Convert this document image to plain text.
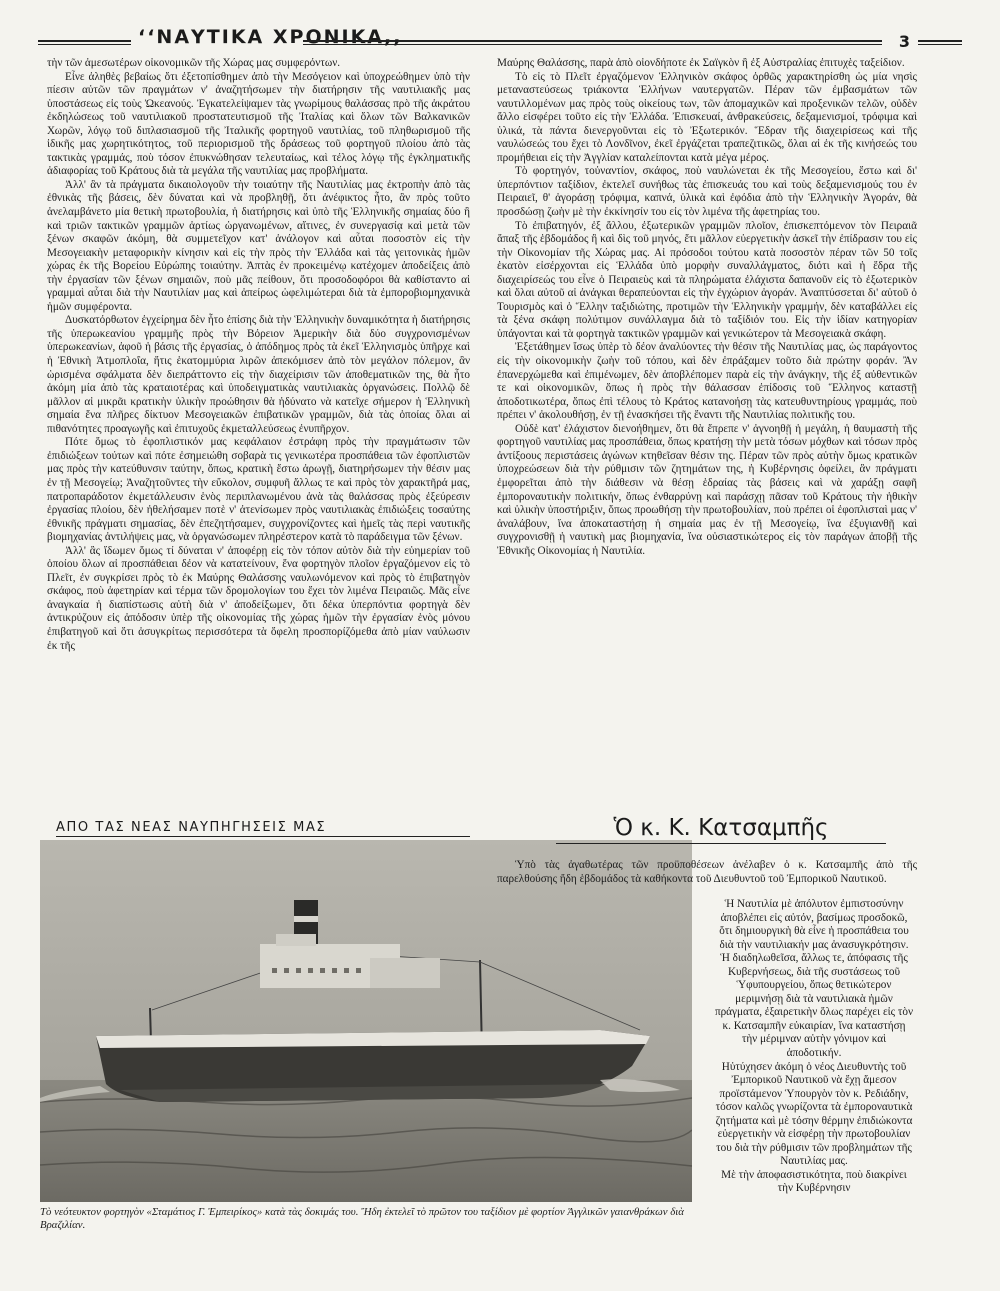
‘‘ΝΑΥΤΙΚΑ ΧΡΟΝΙΚΑ,,	3

τὴν τῶν ἀμεσωτέρων οἰκονομικῶν τῆς Χώρας μας συμφερόντων.

Εἶνε ἀληθὲς βεβαίως ὅτι ἐξετοπίσθημεν ἀπὸ τὴν Μεσόγειον καὶ ὑποχρεώθημεν ὑπὸ τὴν πίεσιν αὐτῶν τῶν πραγμάτων ν' ἀναζητήσωμεν τὴν διατήρησιν τῆς ναυτιλιακῆς μας ὑποστάσεως εἰς τοὺς Ὠκεανούς. Ἐγκατελείψαμεν τὰς γνωρίμους θαλάσσας πρὸ τῆς ἀκράτου ἐκδηλώσεως τοῦ ναυτιλιακοῦ προστατευτισμοῦ τῆς Ἰταλίας καὶ ὅλων τῶν Βαλκανικῶν Χωρῶν, λόγῳ τοῦ διπλασιασμοῦ τῆς Ἰταλικῆς φορτηγοῦ ναυτιλίας, τοῦ πληθωρισμοῦ τῆς ἰδικῆς μας χωρητικότητος, τοῦ περιορισμοῦ τῆς δράσεως τοῦ φορτηγοῦ πλοίου ἀπὸ τὰς τακτικὰς γραμμάς, ποὺ τόσον ἐπυκνώθησαν τελευταίως, καὶ τέλος λόγῳ τῆς ἐγκληματικῆς ἀδιαφορίας τοῦ Κράτους διὰ τὰ μεγάλα τῆς ναυτιλίας μας προβλήματα.

Ἀλλ' ἂν τὰ πράγματα δικαιολογοῦν τὴν τοιαύτην τῆς Ναυτιλίας μας ἐκτροπὴν ἀπὸ τὰς ἐθνικὰς τῆς βάσεις, δὲν δύναται καὶ νὰ προβληθῇ, ὅτι ἀνέφικτος ἦτο, ἂν πρὸς τοῦτο ἀνελαμβάνετο μία θετικὴ πρωτοβουλία, ἡ διατήρησις καὶ ὑπὸ τῆς Ἑλληνικῆς σημαίας δύο ἢ καὶ τριῶν τακτικῶν γραμμῶν ἀρτίως ὠργανωμένων, αἵτινες, ἐν συνεργασίᾳ καὶ μετὰ τῶν ξένων σκαφῶν ἀκόμη, θὰ συμμετεῖχον κατ' ἀνάλογον καὶ αὗται ποσοστὸν εἰς τὴν Μεσογειακὴν μεταφορικὴν κίνησιν καὶ εἰς τὴν πρὸς τὴν Ἑλλάδα καὶ τὰς γειτονικὰς ἡμῶν χώρας ἐκ τῆς Βορείου Εὐρώπης τοιαύτην. Ἀπτὰς ἐν προκειμένῳ κατέχομεν ἀποδείξεις ἀπὸ τὴν ἐργασίαν τῶν ξένων σημαιῶν, ποὺ μᾶς πείθουν, ὅτι προσοδοφόροι θὰ καθίσταντο αἱ γραμμαὶ αὗται διὰ τὴν Ναυτιλίαν μας καὶ ἀπείρως ὠφελιμώτεραι διὰ τὰ ἐμποροβιομηχανικὰ ἡμῶν συμφέροντα.

Δυσκατόρθωτον ἐγχείρημα δὲν ἦτο ἐπίσης διὰ τὴν Ἑλληνικὴν δυναμικότητα ἡ διατήρησις τῆς ὑπερωκεανίου γραμμῆς πρὸς τὴν Βόρειον Ἀμερικὴν διὰ δύο συγχρονισμένων ὑπερωκεανίων, ἀφοῦ ἡ βάσις τῆς ἐργασίας, ὁ ἀπόδημος πρὸς τὰ ἐκεῖ Ἑλληνισμὸς ὑπῆρχε καὶ ἡ Ἐθνικὴ Ἀτμοπλοΐα, ἥτις ἑκατομμύρια λιρῶν ἀπεκόμισεν ἀπὸ τὸν μεγάλον πόλεμον, ἂν ὡρισμένα σφάλματα δὲν διεπράττοντο εἰς τὴν διαχείρισιν τῶν ἀποθεματικῶν της, θὰ ἦτο ἀκόμη μία ἀπὸ τὰς κραταιοτέρας καὶ ὑποδειγματικὰς ναυτιλιακὰς ὀργανώσεις. Πολλῷ δὲ μᾶλλον αἱ μικρᾶι κρατικὴν ὑλικὴν προώθησιν θὰ ἠδύνατο νὰ κατεῖχε σήμερον ἡ Ἑλληνικὴ σημαία ἕνα πλῆρες δίκτυον Μεσογειακῶν ἐπιβατικῶν γραμμῶν, διὰ τὰς ὁποίας ὅλαι αἱ πιθανότητες προαγωγῆς καὶ ἐπιτυχοῦς ἐκμεταλλεύσεως ἐνυπῆρχον.

Πότε ὅμως τὸ ἐφοπλιστικόν μας κεφάλαιον ἐστράφη πρὸς τὴν πραγμάτωσιν τῶν ἐπιδιώξεων τούτων καὶ πότε ἐσημειώθη σοβαρὰ τις γενικωτέρα προσπάθεια τῶν ἐφοπλιστῶν μας πρὸς τὴν κατεύθυνσιν ταύτην, ὅπως, κρατικὴ ἔστω ἀρωγῇ, διατηρήσωμεν τὴν θέσιν μας ἐν τῇ Μεσογείῳ; Ἀναζητοῦντες τὴν εὔκολον, συμφυῆ ἄλλως τε καὶ πρὸς τὸν χαρακτῆρά μας, πατροπαράδοτον ἐκμετάλλευσιν ἑνὸς περιπλανωμένου ἀνὰ τὰς θαλάσσας πρὸς ἐξεύρεσιν ἐργασίας πλοίου, δὲν ἠθελήσαμεν ποτὲ ν' ἀτενίσωμεν πρὸς ναυτιλιακὰς ἐπιδιώξεις τοσαύτης ἐθνικῆς πράγματι σημασίας, δὲν ἐπεζητήσαμεν, συγχρονίζοντες καὶ ἡμεῖς τὰς περὶ ναυτικῆς βιομηχανίας ἀντιλήψεις μας, νὰ ὀργανώσωμεν πληρέστερον κατὰ τὸ παράδειγμα τῶν ξένων.

Ἀλλ' ἂς ἴδωμεν ὅμως τί δύναται ν' ἀποφέρῃ εἰς τὸν τόπον αὐτὸν διὰ τὴν εὐημερίαν τοῦ ὁποίου ὅλων αἱ προσπάθειαι δέον νὰ κατατείνουν, ἕνα φορτηγὸν πλοῖον ἐργαζόμενον εἰς τὸ Πλεῖτ, ἐν συγκρίσει πρὸς τὸ ἐκ Μαύρης Θαλάσσης ναυλωνόμενον καὶ πρὸς τὸ ἐπιβατηγὸν σκάφος, ποὺ ἀφετηρίαν καὶ τέρμα τῶν δρομολογίων του ἔχει τὸν λιμένα Πειραιῶς. Μᾶς εἶνε ἀναγκαία ἡ διαπίστωσις αὐτὴ διὰ ν' ἀποδείξωμεν, ὅτι δέκα ὑπερπόντια φορτηγὰ δὲν ἀντικρύζουν εἰς ἀπόδοσιν ὑπὲρ τῆς οἰκονομίας τῆς χώρας ἡμῶν τὴν ἐργασίαν ἑνὸς μόνου ἐπιβατηγοῦ καὶ ὅτι ἀσυγκρίτως περισσότερα τὰ ὄφελη προσπορίζόμεθα ἀπὸ μίαν ναύλωσιν ἐκ τῆς

Μαύρης Θαλάσσης, παρὰ ἀπὸ οἱονδήποτε ἐκ Σαϊγκὸν ἢ ἐξ Αὐστραλίας ἐπιτυχὲς ταξείδιον.

Τὸ εἰς τὸ Πλεῖτ ἐργαζόμενον Ἑλληνικὸν σκάφος ὀρθῶς χαρακτηρίσθη ὡς μία νησὶς μεταναστεύσεως τριάκοντα Ἑλλήνων ναυτεργατῶν. Πέραν τῶν ἐμβασμάτων τῶν ναυτιλλομένων μας πρὸς τοὺς οἰκείους των, τῶν ἀπομαχικῶν καὶ προξενικῶν τελῶν, οὐδὲν ἄλλο εἰσφέρει τοῦτο εἰς τὴν Ἑλλάδα. Ἐπισκευαί, ἀνθρακεύσεις, δεξαμενισμοί, τρόφιμα καὶ ὑλικά, τὰ πάντα διενεργοῦνται εἰς τὸ Ἐξωτερικόν. Ἕδραν τῆς διαχειρίσεως καὶ τῆς ναυλώσεώς του ἔχει τὸ Λονδῖνον, ἐκεῖ ἐργάζεται τραπεζιτικῶς, ὅλαι αἱ ἐκ τῆς κινήσεώς του προμήθειαι εἰς τὴν Ἀγγλίαν καταλείπονται κατὰ μέγα μέρος.

Τὸ φορτηγόν, τοὐναντίον, σκάφος, ποὺ ναυλώνεται ἐκ τῆς Μεσογείου, ἔστω καὶ δι' ὑπερπόντιον ταξίδιον, ἐκτελεῖ συνήθως τὰς ἐπισκευάς του καὶ τοὺς δεξαμενισμούς του ἐν Πειραιεῖ, θ' ἀγοράσῃ τρόφιμα, καπνά, ὑλικὰ καὶ ἐφόδια ἀπὸ τὴν Ἑλληνικὴν Ἀγοράν, θὰ προσδώσῃ ζωὴν μὲ τὴν ἐκκίνησίν του εἰς τὸν λιμένα τῆς ἀφετηρίας του.

Τὸ ἐπιβατηγόν, ἐξ ἄλλου, ἐξωτερικῶν γραμμῶν πλοῖον, ἐπισκεπτόμενον τὸν Πειραιᾶ ἅπαξ τῆς ἑβδομάδος ἢ καὶ δὶς τοῦ μηνός, ἔτι μᾶλλον εὐεργετικὴν ἀσκεῖ τὴν ἐπίδρασιν του εἰς τὴν Οἰκονομίαν τῆς Χώρας μας. Αἱ πρόσοδοι τούτου κατὰ ποσοστὸν πέραν τῶν 50 τοῖς ἑκατὸν εἰσέρχονται εἰς Ἑλλάδα ὑπὸ μορφὴν συναλλάγματος, διότι καὶ ἡ ἕδρα τῆς διαχειρίσεώς του εἶνε ὁ Πειραιεὺς καὶ τὰ πληρώματα ἐλάχιστα δαπανοῦν εἰς τὸ ἐξωτερικὸν καὶ ὅλαι αὐτοῦ αἱ ἀνάγκαι θεραπεύονται εἰς τὴν ἐγχώριον ἀγοράν. Ἀναπτύσσεται δι' αὐτοῦ ὁ Τουρισμὸς καὶ ὁ Ἕλλην ταξιδιώτης, προτιμῶν τὴν Ἑλληνικὴν γραμμήν, δὲν καταβάλλει εἰς τὰ ξένα σκάφη πολύτιμον συνάλλαγμα διὰ τὸ ταξίδιόν του. Εἰς τὴν ἰδίαν κατηγορίαν ὑπάγονται καὶ τὰ φορτηγὰ τακτικῶν γραμμῶν καὶ γενικώτερον τὰ Μεσογειακὰ σκάφη.

Ἐξετάθημεν ἴσως ὑπὲρ τὸ δέον ἀναλύοντες τὴν θέσιν τῆς Ναυτιλίας μας, ὡς παράγοντος εἰς τὴν οἰκονομικὴν ζωὴν τοῦ τόπου, καὶ δὲν ἐπράξαμεν τοῦτο διὰ πρώτην φοράν. Ἂν ἐπανερχώμεθα καὶ ἐπιμένωμεν, δὲν ἀποβλέπομεν παρὰ εἰς τὴν ἀνάγκην, τῆς ἐξ αὐθεντικῶν τε καὶ οἰκονομικῶν, ὅπως ἡ πρὸς τὴν θάλασσαν ἐπίδοσις τοῦ Ἕλληνος καταστῇ ἀποδοτικωτέρα, ὅπως ἐπὶ τέλους τὸ Κράτος κατανοήσῃ τὰς κατευθυντηρίους γραμμάς, ποὺ πρέπει ν' ἀκολουθήσῃ, ἐν τῇ ἐνασκήσει τῆς ἔναντι τῆς Ναυτιλίας πολιτικῆς του.

Οὐδὲ κατ' ἐλάχιστον διενοήθημεν, ὅτι θὰ ἔπρεπε ν' ἀγνοηθῇ ἡ μεγάλη, ἡ θαυμαστὴ τῆς φορτηγοῦ ναυτιλίας μας προσπάθεια, ὅπως κρατήσῃ τὴν μετὰ τόσων μόχθων καὶ τόσων πρὸς ἀντίξοους περιστάσεις ἀγώνων κτηθεῖσαν θέσιν της. Πέραν τῶν πρὸς αὐτὴν ὅμως κρατικῶν ὑποχρεώσεων διὰ τὴν ρύθμισιν τῶν ζητημάτων της, ἡ Κυβέρνησις ὀφείλει, ἂν πράγματι ἐμφορεῖται ἀπὸ τὴν διάθεσιν νὰ θέσῃ ἑδραίας τὰς βάσεις καὶ νὰ χαράξῃ σαφῆ ἐμποροναυτικὴν πολιτικήν, ὅπως ἐνθαρρύνῃ καὶ παράσχῃ πᾶσαν τοῦ Κράτους τὴν ἠθικὴν καὶ ὑλικὴν ὑποστήριξιν, ὅπως προωθήσῃ τὴν πρωτοβουλίαν, ποὺ πρέπει οἱ ἐφοπλισταὶ μας ν' ἀναλάβουν, ἵνα ἀποκαταστήσῃ ἡ σημαία μας ἐν τῇ Μεσογείῳ, ἵνα ἐξυγιανθῇ καὶ συγχρονισθῇ ἡ ναυτικὴ μας βιομηχανία, ἵνα οὐσιαστικώτερος εἰς τὸν παράγων ἀποβῇ τῆς Ἐθνικῆς Οἰκονομίας ἡ Ναυτιλία.

ΑΠΟ ΤΑΣ ΝΕΑΣ ΝΑΥΠΗΓΗΣΕΙΣ ΜΑΣ
Τὸ νεότευκτον φορτηγὸν «Σταμάτιος Γ. Ἐμπειρίκος» κατὰ τὰς δοκιμάς του. Ἤδη ἐκτελεῖ τὸ πρῶτον του ταξίδιον μὲ φορτίον Ἀγγλικῶν γαιανθράκων διὰ Βραζιλίαν.
Ὁ κ. Κ. Κατσαμπῆς

Ὑπὸ τὰς ἀγαθωτέρας τῶν προϋποθέσεων ἀνέλαβεν ὁ κ. Κατσαμπῆς ἀπὸ τῆς παρελθούσης ἤδη ἑβδομάδος τὰ καθήκοντα τοῦ Διευθυντοῦ τοῦ Ἐμπορικοῦ Ναυτικοῦ.

Ἡ Ναυτιλία μὲ ἀπόλυτον ἐμπιστοσύνην ἀποβλέπει εἰς αὐτόν, βασίμως προσδοκῶ, ὅτι δημιουργικὴ θὰ εἶνε ἡ προσπάθεια του διὰ τὴν ναυτιλιακήν μας ἀνασυγκρότησιν. Ἡ διαδηλωθεῖσα, ἄλλως τε, ἀπόφασις τῆς Κυβερνήσεως, διὰ τῆς συστάσεως τοῦ Ὑφυπουργείου, ὅπως θετικώτερον μεριμνήσῃ διὰ τὰ ναυτιλιακὰ ἡμῶν πράγματα, ἐξαιρετικὴν ὅλως παρέχει εἰς τὸν κ. Κατσαμπῆν εὐκαιρίαν, ἵνα καταστήσῃ τὴν μέριμναν αὐτὴν γόνιμον καὶ ἀποδοτικήν.

Ηὐτύχησεν ἀκόμη ὁ νέος Διευθυντὴς τοῦ Ἐμπορικοῦ Ναυτικοῦ νὰ ἔχῃ ἄμεσον προϊστάμενον Ὑπουργὸν τὸν κ. Ρεδιάδην, τόσον καλῶς γνωρίζοντα τὰ ἐμποροναυτικὰ ζητήματα καὶ μὲ τόσην θέρμην ἐπιδιώκοντα εὐεργετικὴν νὰ εἰσφέρῃ τὴν πρωτοβουλίαν του διὰ τὴν ρύθμισιν τῶν προβλημάτων τῆς Ναυτιλίας μας.

Μὲ τὴν ἀποφασιστικότητα, ποὺ διακρίνει τὴν Κυβέρνησιν
